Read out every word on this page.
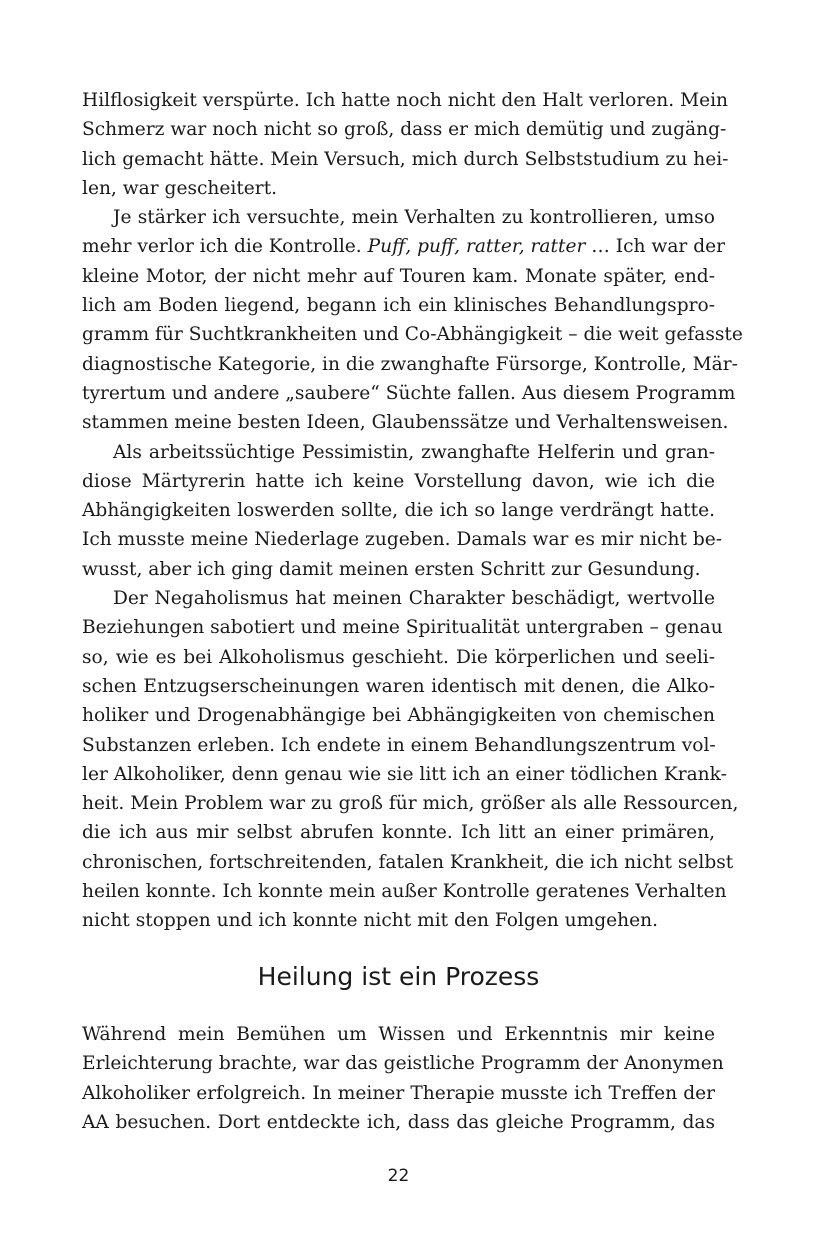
Hilflosigkeit verspürte. Ich hatte noch nicht den Halt verloren. Mein
Schmerz war noch nicht so groß, dass er mich demütig und zugäng-
lich gemacht hätte. Mein Versuch, mich durch Selbststudium zu hei-
len, war gescheitert.
Je stärker ich versuchte, mein Verhalten zu kontrollieren, umso
mehr verlor ich die Kontrolle. Puff, puff, ratter, ratter … Ich war der
kleine Motor, der nicht mehr auf Touren kam. Monate später, end-
lich am Boden liegend, begann ich ein klinisches Behandlungspro-
gramm für Suchtkrankheiten und Co-Abhängigkeit – die weit gefasste
diagnostische Kategorie, in die zwanghafte Fürsorge, Kontrolle, Mär-
tyrertum und andere „saubere“ Süchte fallen. Aus diesem Programm
stammen meine besten Ideen, Glaubenssätze und Verhaltensweisen.
Als arbeitssüchtige Pessimistin, zwanghafte Helferin und gran-
diose Märtyrerin hatte ich keine Vorstellung davon, wie ich die
Abhängigkeiten loswerden sollte, die ich so lange verdrängt hatte.
Ich musste meine Niederlage zugeben. Damals war es mir nicht be-
wusst, aber ich ging damit meinen ersten Schritt zur Gesundung.
Der Negaholismus hat meinen Charakter beschädigt, wertvolle
Beziehungen sabotiert und meine Spiritualität untergraben – genau
so, wie es bei Alkoholismus geschieht. Die körperlichen und seeli-
schen Entzugserscheinungen waren identisch mit denen, die Alko-
holiker und Drogenabhängige bei Abhängigkeiten von chemischen
Substanzen erleben. Ich endete in einem Behandlungszentrum vol-
ler Alkoholiker, denn genau wie sie litt ich an einer tödlichen Krank-
heit. Mein Problem war zu groß für mich, größer als alle Ressourcen,
die ich aus mir selbst abrufen konnte. Ich litt an einer primären,
chronischen, fortschreitenden, fatalen Krankheit, die ich nicht selbst
heilen konnte. Ich konnte mein außer Kontrolle geratenes Verhalten
nicht stoppen und ich konnte nicht mit den Folgen umgehen.
Heilung ist ein Prozess
Während mein Bemühen um Wissen und Erkenntnis mir keine
Erleichterung brachte, war das geistliche Programm der Anonymen
Alkoholiker erfolgreich. In meiner Therapie musste ich Treffen der
AA besuchen. Dort entdeckte ich, dass das gleiche Programm, das
22
